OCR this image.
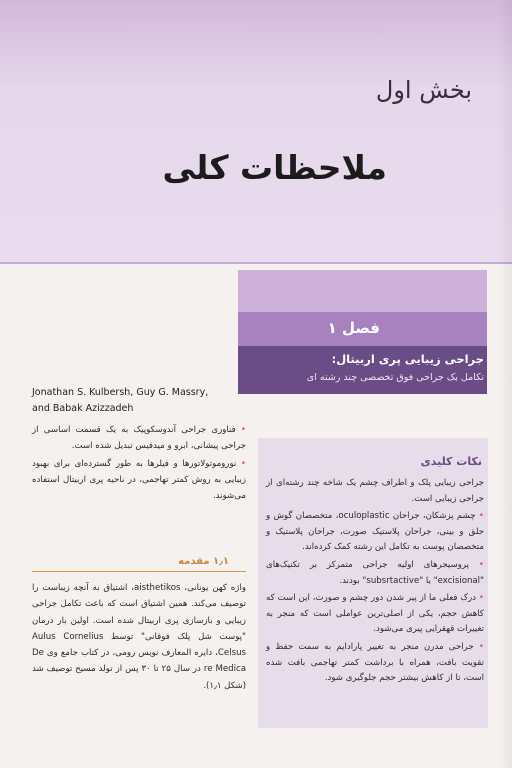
بخش اول
ملاحظات کلی
فصل ۱
جراحی زیبایی پری اربیتال:
تکامل یک جراحی فوق تخصصی چند رشته ای
Jonathan S. Kulbersh, Guy G. Massry,
and Babak Azizzadeh
نکات کلیدی

جراحی زیبایی پلک و اطراف چشم یک شاخه چند رشته‌ای از جراحی زیبایی است.

• چشم پزشکان، جراحان oculoplastic، متخصصان گوش و حلق و بینی، جراحان پلاستیک صورت، جراحان پلاستیک و متخصصان پوست به تکامل این رشته کمک کرده‌اند.

• پروسیجرهای اولیه جراحی متمرکز بر تکنیک‌های "excisional" یا "subsrtactive" بودند.

• درک فعلی ما از پیر شدن دور چشم و صورت، این است که کاهش حجم، یکی از اصلی‌ترین عواملی است که منجر به تغییرات قهقرایی پیری می‌شود.

• جراحی مدرن منجر به تغییر پارادایم به سمت حفظ و تقویت بافت، همراه با برداشت کمتر تهاجمی بافت شده است، تا از کاهش بیشتر حجم جلوگیری شود.

• فناوری جراحی آندوسکوپیک به یک قسمت اساسی از جراحی پیشانی، ابرو و میدفیس تبدیل شده است.

• نوروموتولاتورها و فیلرها به طور گسترده‌ای برای بهبود زیبایی به روش کمتر تهاجمی، در ناحیه پری اربیتال استفاده می‌شوند.

۱٫۱ مقدمه
واژه کهن یونانی، aisthetikos، اشتیاق به آنچه زیباست را توصیف می‌کند. همین اشتیاق است که باعث تکامل جراحی زیبایی و بازسازی پری اربیتال شده است. اولین بار درمان "پوست شل پلک فوقانی" توسط Aulus Cornelius Celsus، دایره المعارف نویس رومی، در کتاب جامع وی De re Medica در سال ۲۵ تا ۳۰ پس از تولد مسیح توصیف شد (شکل ۱٫۱).
